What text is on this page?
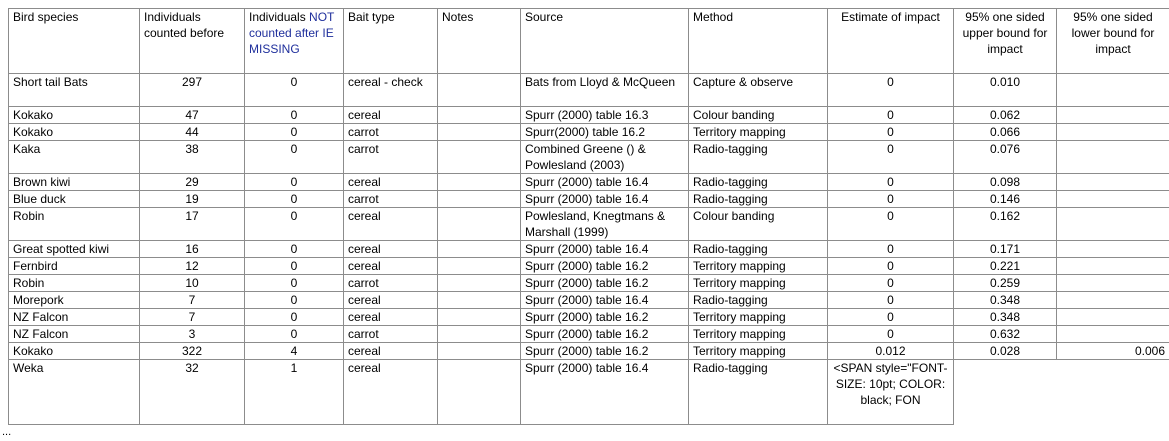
Bird species	Individuals counted before	Individuals NOT counted after IE MISSING	Bait type	Notes	Source	Method	Estimate of impact	95% one sided upper bound for impact	95% one sided lower bound for impact
Short tail Bats	297	0	cereal - check		Bats from Lloyd & McQueen	Capture & observe	0	0.010	
Kokako	47	0	cereal		Spurr (2000) table 16.3	Colour banding	0	0.062	
Kokako	44	0	carrot		Spurr(2000) table 16.2	Territory mapping	0	0.066	
Kaka	38	0	carrot		Combined Greene () & Powlesland (2003)	Radio-tagging	0	0.076	
Brown kiwi	29	0	cereal		Spurr (2000) table 16.4	Radio-tagging	0	0.098	
Blue duck	19	0	carrot		Spurr (2000) table 16.4	Radio-tagging	0	0.146	
Robin	17	0	cereal		Powlesland, Knegtmans & Marshall (1999)	Colour banding	0	0.162	
Great spotted kiwi	16	0	cereal		Spurr (2000) table 16.4	Radio-tagging	0	0.171	
Fernbird	12	0	cereal		Spurr (2000) table 16.2	Territory mapping	0	0.221	
Robin	10	0	carrot		Spurr (2000) table 16.2	Territory mapping	0	0.259	
Morepork	7	0	cereal		Spurr (2000) table 16.4	Radio-tagging	0	0.348	
NZ Falcon	7	0	cereal		Spurr (2000) table 16.2	Territory mapping	0	0.348	
NZ Falcon	3	0	carrot		Spurr (2000) table 16.2	Territory mapping	0	0.632	
Kokako	322	4	cereal		Spurr (2000) table 16.2	Territory mapping	0.012	0.028	0.006
Weka	32	1	cereal		Spurr (2000) table 16.4	Radio-tagging	<SPAN style="FONT-SIZE: 10pt; COLOR: black; FON		
...
